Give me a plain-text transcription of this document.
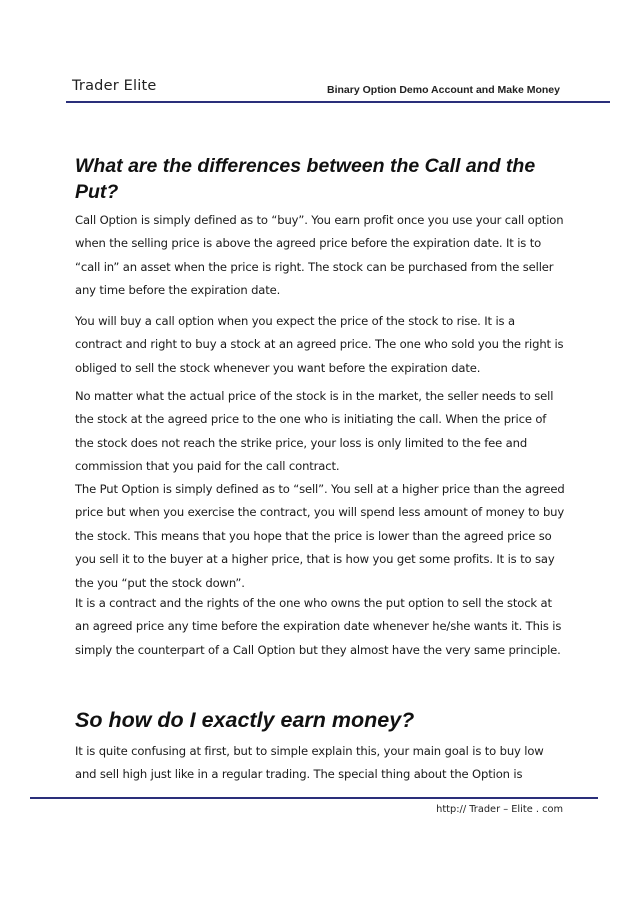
Trader Elite	Binary Option Demo Account and Make Money
What are the differences between the Call and the Put?

Call Option is simply defined as to “buy”. You earn profit once you use your call option when the selling price is above the agreed price before the expiration date. It is to “call in” an asset when the price is right. The stock can be purchased from the seller any time before the expiration date.

You will buy a call option when you expect the price of the stock to rise. It is a contract and right to buy a stock at an agreed price. The one who sold you the right is obliged to sell the stock whenever you want before the expiration date.

No matter what the actual price of the stock is in the market, the seller needs to sell the stock at the agreed price to the one who is initiating the call. When the price of the stock does not reach the strike price, your loss is only limited to the fee and commission that you paid for the call contract.

The Put Option is simply defined as to “sell”. You sell at a higher price than the agreed price but when you exercise the contract, you will spend less amount of money to buy the stock. This means that you hope that the price is lower than the agreed price so you sell it to the buyer at a higher price, that is how you get some profits. It is to say the you “put the stock down”.

It is a contract and the rights of the one who owns the put option to sell the stock at an agreed price any time before the expiration date whenever he/she wants it. This is simply the counterpart of a Call Option but they almost have the very same principle.

So how do I exactly earn money?

It is quite confusing at first, but to simple explain this, your main goal is to buy low and sell high just like in a regular trading. The special thing about the Option is

http:// Trader – Elite . com
